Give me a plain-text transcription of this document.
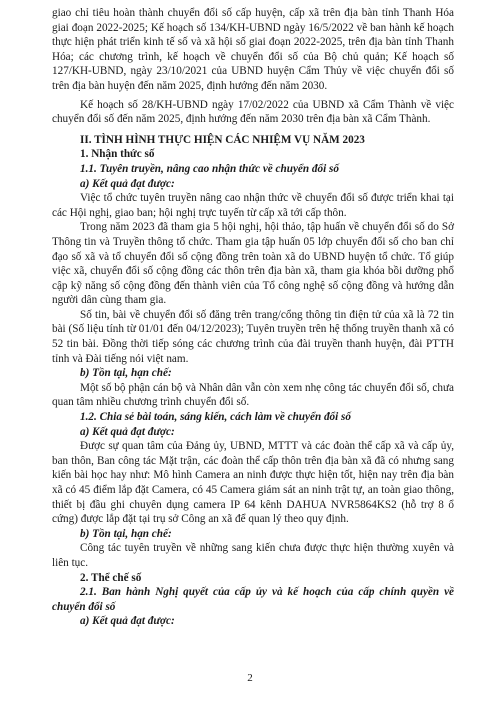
giao chỉ tiêu hoàn thành chuyển đổi số cấp huyện, cấp xã trên địa bàn tỉnh Thanh Hóa giai đoạn 2022-2025; Kế hoạch số 134/KH-UBND ngày 16/5/2022 về ban hành kế hoạch thực hiện phát triển kinh tế số và xã hội số giai đoạn 2022-2025, trên địa bàn tỉnh Thanh Hóa; các chương trình, kế hoạch về chuyển đổi số của Bộ chủ quản; Kế hoạch số 127/KH-UBND, ngày 23/10/2021 của UBND huyện Cẩm Thủy về việc chuyển đổi số trên địa bàn huyện đến năm 2025, định hướng đến năm 2030.

Kế hoạch số 28/KH-UBND ngày 17/02/2022 của UBND xã Cẩm Thành về việc chuyển đổi số đến năm 2025, định hướng đến năm 2030 trên địa bàn xã Cẩm Thành.

II. TÌNH HÌNH THỰC HIỆN CÁC NHIỆM VỤ NĂM 2023

1. Nhận thức số

1.1. Tuyên truyền, nâng cao nhận thức về chuyển đổi số

a) Kết quả đạt được:

Việc tổ chức tuyên truyền nâng cao nhận thức về chuyển đổi số được triển khai tại các Hội nghị, giao ban; hội nghị trực tuyến từ cấp xã tới cấp thôn.

Trong năm 2023 đã tham gia 5 hội nghị, hội thảo, tập huấn về chuyển đổi số do Sở Thông tin và Truyền thông tổ chức. Tham gia tập huấn 05 lớp chuyển đổi số cho ban chỉ đạo số xã và tổ chuyển đổi số cộng đồng trên toàn xã do UBND huyện tổ chức. Tổ giúp việc xã, chuyển đổi số cộng đồng các thôn trên địa bàn xã, tham gia khóa bồi dưỡng phổ cập kỹ năng số cộng đồng đến thành viên của Tổ công nghệ số cộng đồng và hướng dẫn người dân cùng tham gia.

Số tin, bài về chuyển đổi số đăng trên trang/cổng thông tin điện tử của xã là 72 tin bài (Số liệu tính từ 01/01 đến 04/12/2023); Tuyên truyền trên hệ thống truyền thanh xã có 52 tin bài. Đồng thời tiếp sóng các chương trình của đài truyền thanh huyện, đài PTTH tỉnh và Đài tiếng nói việt nam.

b) Tồn tại, hạn chế:

Một số bộ phận cán bộ và Nhân dân vẫn còn xem nhẹ công tác chuyển đổi số, chưa quan tâm nhiều chương trình chuyển đổi số.

1.2. Chia sẻ bài toán, sáng kiến, cách làm về chuyển đổi số

a) Kết quả đạt được:

Được sự quan tâm của Đảng ủy, UBND, MTTT và các đoàn thể cấp xã và cấp ủy, ban thôn, Ban công tác Mặt trận, các đoàn thể cấp thôn trên địa bàn xã đã có nhưng sang kiến bài học hay như: Mô hình Camera an ninh được thực hiện tốt, hiện nay trên địa bàn xã có 45 điểm lắp đặt Camera, có 45 Camera giám sát an ninh trật tự, an toàn giao thông, thiết bị đầu ghi chuyên dụng camera IP 64 kênh DAHUA NVR5864KS2 (hỗ trợ 8 ổ cứng) được lắp đặt tại trụ sở Công an xã để quan lý theo quy định.

b) Tồn tại, hạn chế:

Công tác tuyên truyền về những sang kiến chưa được thực hiện thường xuyên và liên tục.

2. Thể chế số

2.1. Ban hành Nghị quyết của cấp ủy và kế hoạch của cấp chính quyền về chuyển đổi số

a) Kết quả đạt được:

2
